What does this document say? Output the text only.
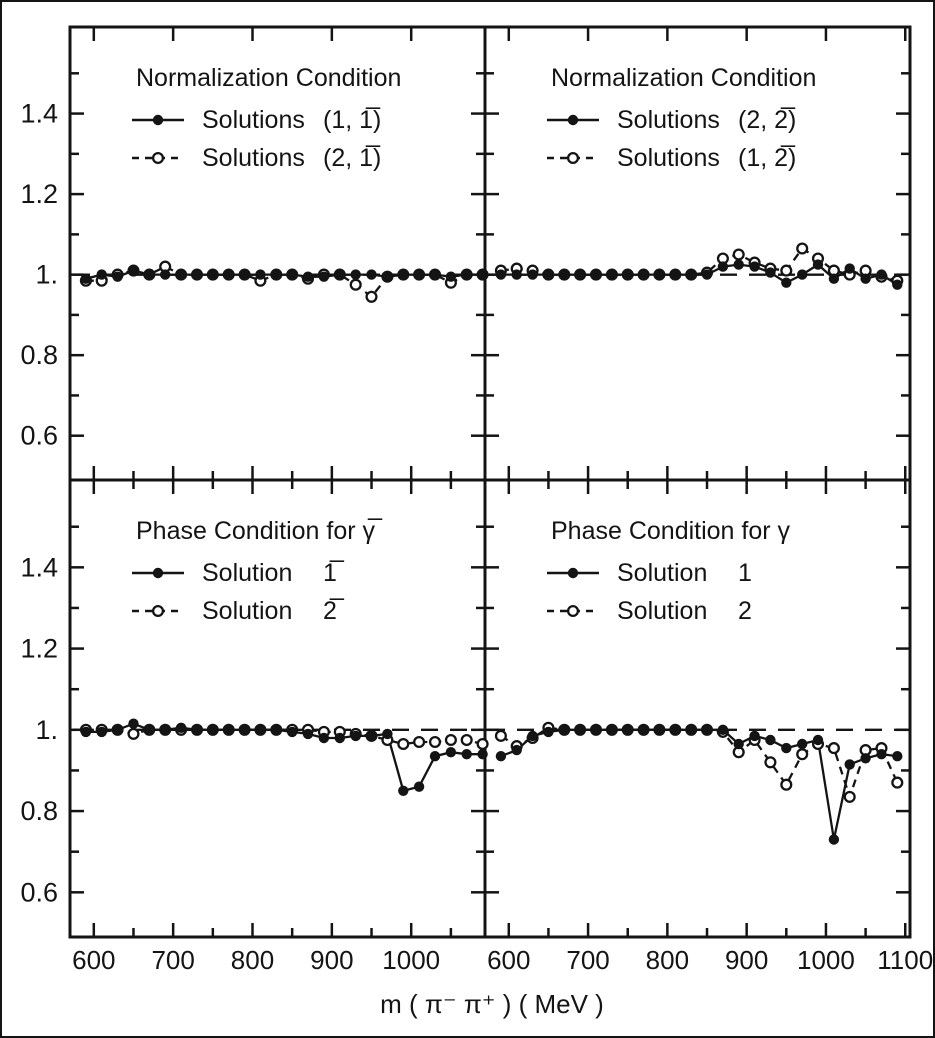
0.6
0.8
1.
1.2
1.4
Normalization Condition
Solutions (1, 1̅)
Solutions (2, 1̅)
Normalization Condition
Solutions (2, 2̅)
Solutions (1, 2̅)
0.6
0.8
1.
1.2
1.4
600 700 800 900 1000
Phase Condition for γ̅
Solution 1̅
Solution 2̅
600 700 800 900 1000 1100
Phase Condition for γ
Solution 1
Solution 2
m ( π⁻ π⁺ ) ( MeV )
